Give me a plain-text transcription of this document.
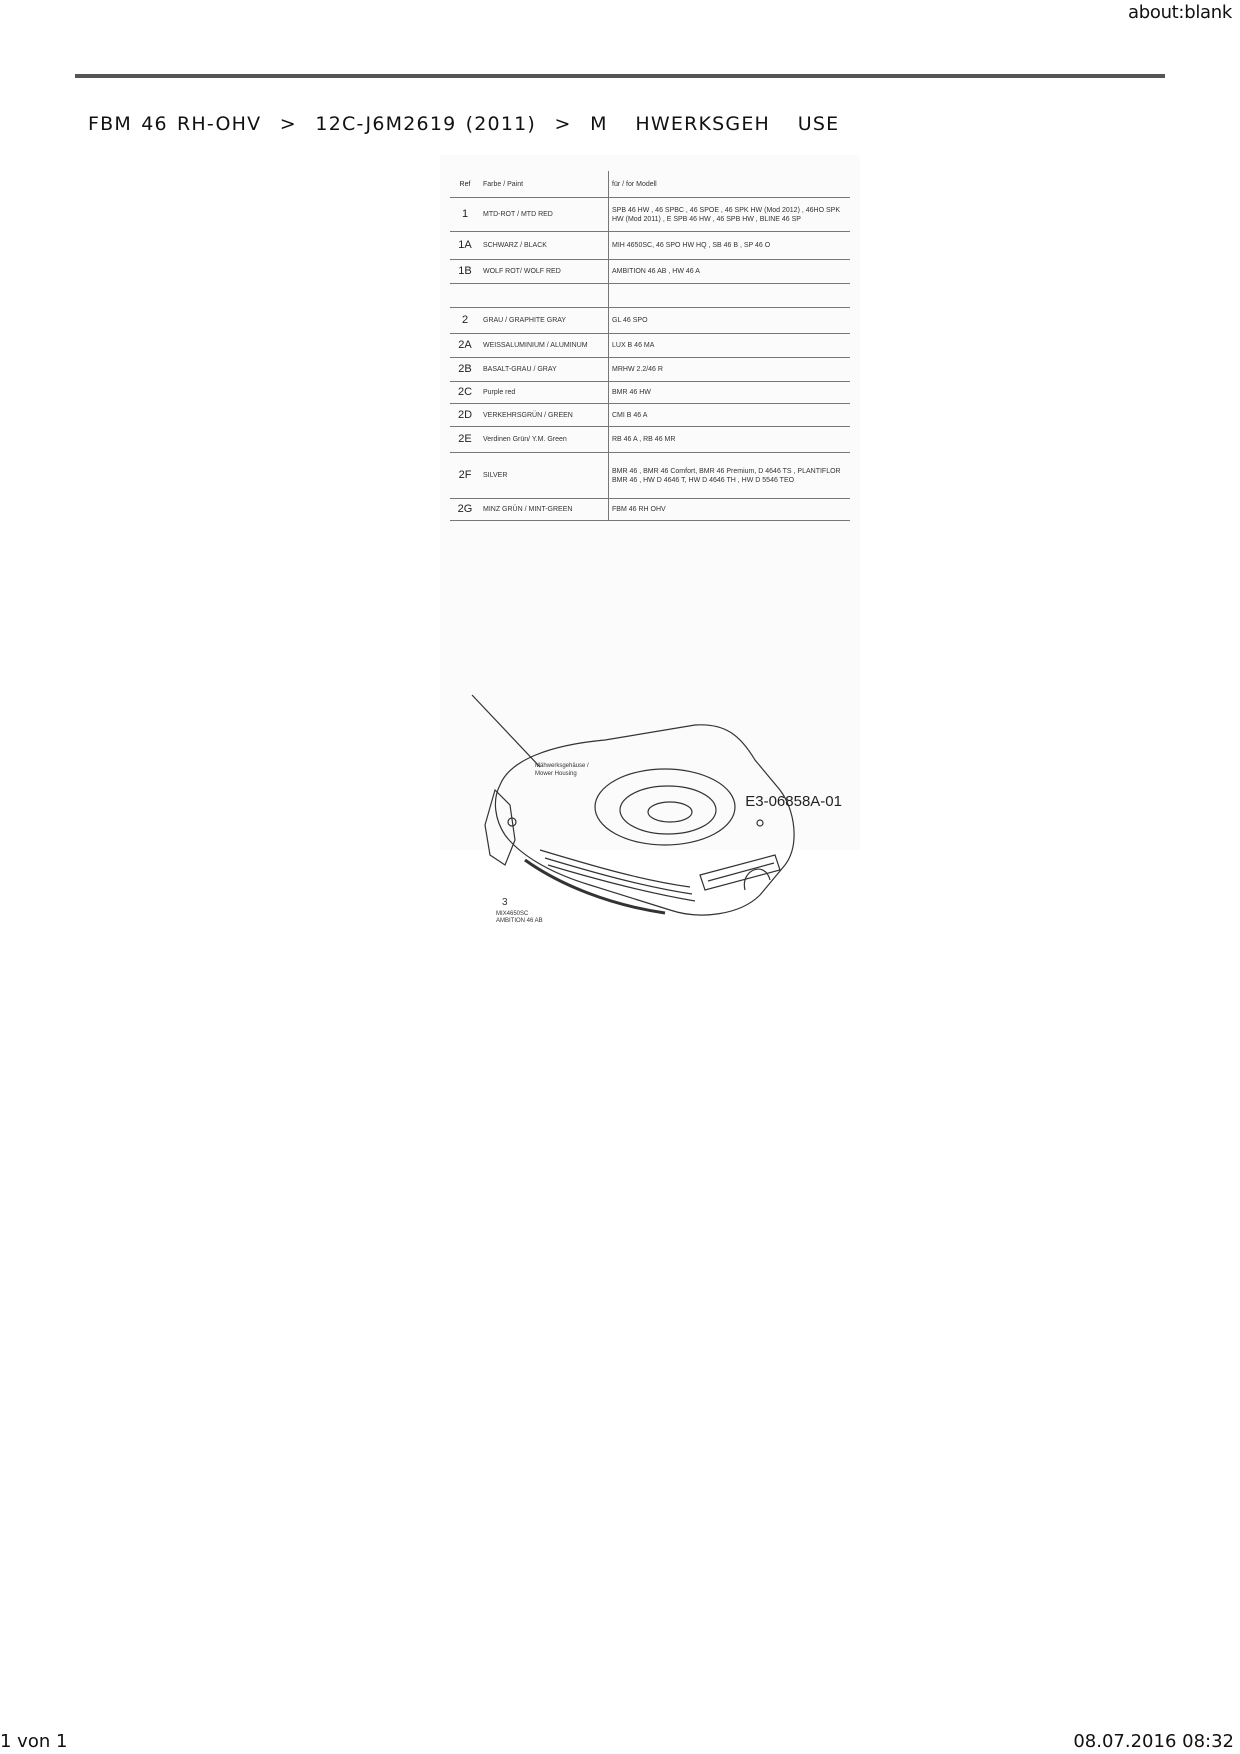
about:blank
FBM 46 RH-OHV  >  12C-J6M2619 (2011)  >  M   HWERKSGEH   USE
Ref	Farbe / Paint	für / for Modell
1	MTD-ROT / MTD RED	SPB 46 HW , 46 SPBC , 46 SPOE , 46 SPK HW (Mod 2012) , 46HO SPK HW (Mod 2011) , E SPB 46 HW , 46 SPB HW , BLINE 46 SP
1A	SCHWARZ / BLACK	MIH 4650SC, 46 SPO HW HQ , SB 46 B , SP 46 O
1B	WOLF ROT/ WOLF RED	AMBITION 46 AB , HW 46 A

2	GRAU / GRAPHITE GRAY	GL 46 SPO
2A	WEISSALUMINIUM / ALUMINUM	LUX B 46 MA
2B	BASALT-GRAU / GRAY	MRHW 2.2/46 R
2C	Purple red	BMR 46 HW
2D	VERKEHRSGRÜN / GREEN	CMI B 46 A
2E	Verdinen Grün/ Y.M. Green	RB 46 A , RB 46 MR
2F	SILVER	BMR 46 , BMR 46 Comfort, BMR 46 Premium, D 4646 TS , PLANTIFLOR BMR 46 , HW D 4646 T, HW D 4646 TH , HW D 5546 TEO
2G	MINZ GRÜN / MINT-GREEN	FBM 46 RH OHV
Mähwerksgehäuse /
Mower Housing
3
MIX4650SC
AMBITION 46 AB
E3-06858A-01
1 von 1	08.07.2016 08:32
